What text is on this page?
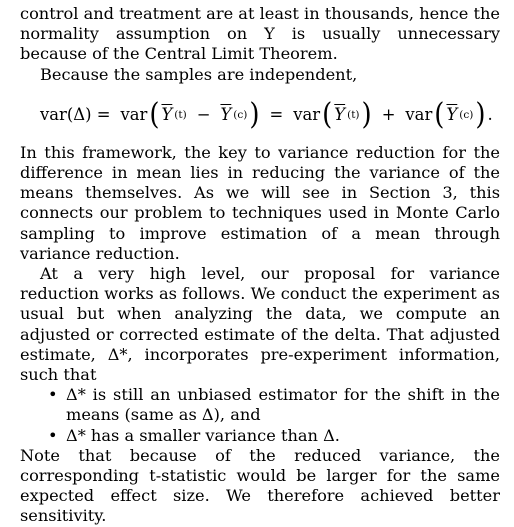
control and treatment are at least in thousands, hence the normality assumption on Y is usually unnecessary because of the Central Limit Theorem.

Because the samples are independent,

var(Δ) = var ( $\overline{Y}$ $(t) - \overline{Y}$ (c) ) = var ( $\overline{Y}$ (t) ) + var ( $\overline{Y}$ (c) ) .

In this framework, the key to variance reduction for the difference in mean lies in reducing the variance of the means themselves. As we will see in Section 3, this connects our problem to techniques used in Monte Carlo sampling to improve estimation of a mean through variance reduction.

At a very high level, our proposal for variance reduction works as follows. We conduct the experiment as usual but when analyzing the data, we compute an adjusted or corrected estimate of the delta. That adjusted estimate, Δ*, incorporates pre-experiment information, such that

• Δ* is still an unbiased estimator for the shift in the means (same as Δ), and
• Δ* has a smaller variance than Δ.

Note that because of the reduced variance, the corresponding t-statistic would be larger for the same expected effect size. We therefore achieved better sensitivity.
